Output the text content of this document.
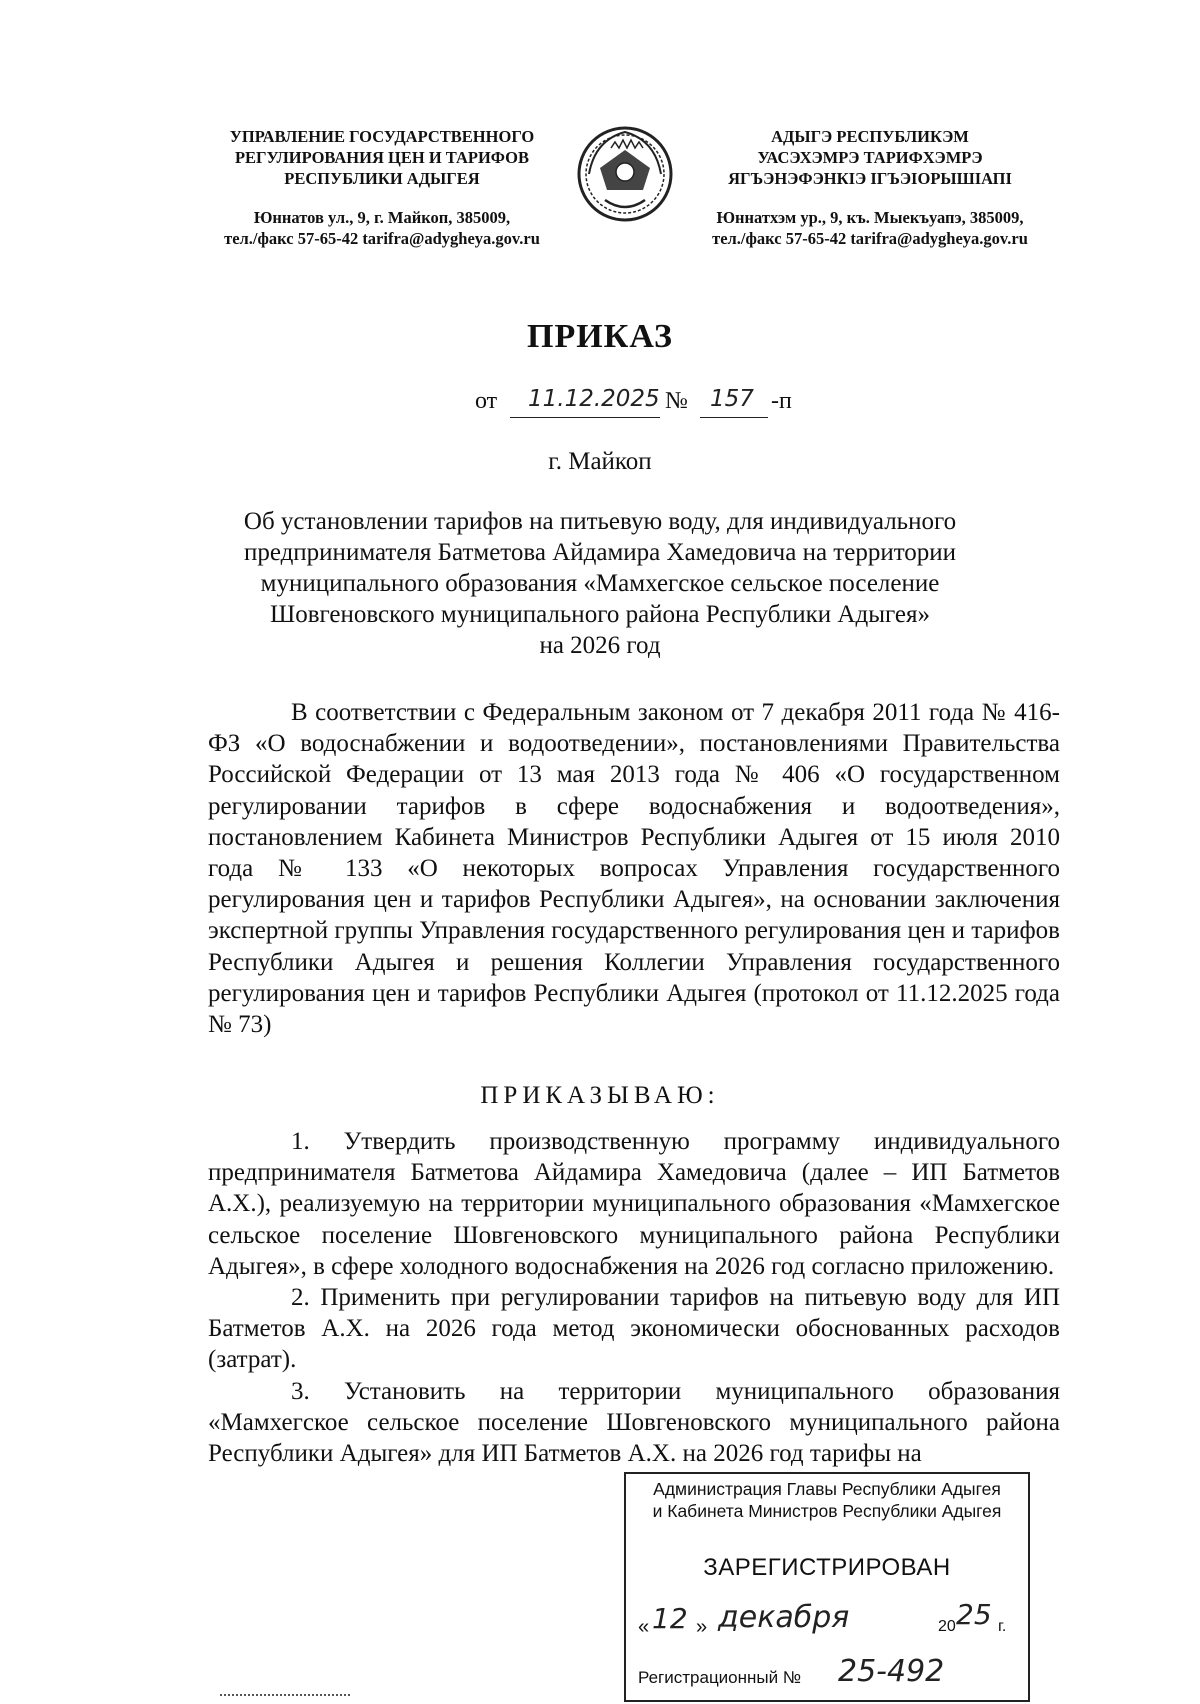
УПРАВЛЕНИЕ ГОСУДАРСТВЕННОГО
РЕГУЛИРОВАНИЯ ЦЕН И ТАРИФОВ
РЕСПУБЛИКИ АДЫГЕЯ
Юннатов ул., 9, г. Майкоп, 385009,
тел./факс 57-65-42 tarifra@adygheya.gov.ru
АДЫГЭ РЕСПУБЛИКЭМ
УАСЭХЭМРЭ ТАРИФХЭМРЭ
ЯГЪЭНЭФЭНКIЭ IГЪЭIОРЫШIАПI
Юннатхэм ур., 9, къ. Мыекъуапэ, 385009,
тел./факс 57-65-42 tarifra@adygheya.gov.ru
ПРИКАЗ
от 11.12.2025 № 157 -п
г. Майкоп
Об установлении тарифов на питьевую воду, для индивидуального
предпринимателя Батметова Айдамира Хамедовича на территории
муниципального образования «Мамхегское сельское поселение
Шовгеновского муниципального района Республики Адыгея»
на 2026 год

В соответствии с Федеральным законом от 7 декабря 2011 года № 416-ФЗ «О водоснабжении и водоотведении», постановлениями Правительства Российской Федерации от 13 мая 2013 года № 406 «О государственном регулировании тарифов в сфере водоснабжения и водоотведения», постановлением Кабинета Министров Республики Адыгея от 15 июля 2010 года № 133 «О некоторых вопросах Управления государственного регулирования цен и тарифов Республики Адыгея», на основании заключения экспертной группы Управления государственного регулирования цен и тарифов Республики Адыгея и решения Коллегии Управления государственного регулирования цен и тарифов Республики Адыгея (протокол от 11.12.2025 года № 73)

ПРИКАЗЫВАЮ:

1. Утвердить производственную программу индивидуального предпринимателя Батметова Айдамира Хамедовича (далее – ИП Батметов А.Х.), реализуемую на территории муниципального образования «Мамхегское сельское поселение Шовгеновского муниципального района Республики Адыгея», в сфере холодного водоснабжения на 2026 год согласно приложению.

2. Применить при регулировании тарифов на питьевую воду для ИП Батметов А.Х. на 2026 года метод экономически обоснованных расходов (затрат).

3. Установить на территории муниципального образования «Мамхегское сельское поселение Шовгеновского муниципального района Республики Адыгея» для ИП Батметов А.Х. на 2026 год тарифы на

Администрация Главы Республики Адыгея
и Кабинета Министров Республики Адыгея
ЗАРЕГИСТРИРОВАН
« 12 » декабря	20 25 г.
Регистрационный № 25-492
